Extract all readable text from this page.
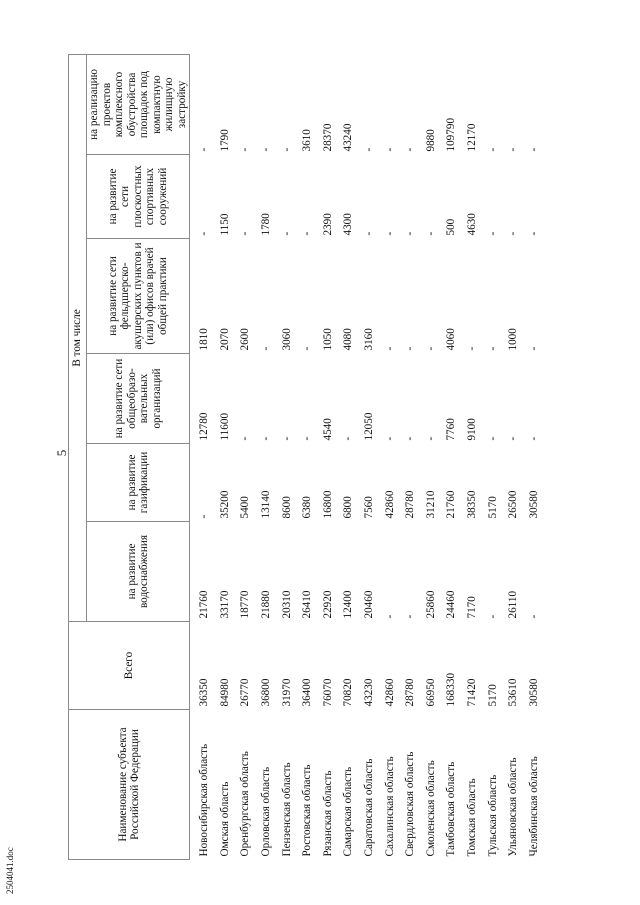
5
Наименование субъекта Российской Федерации	Всего	В том числе					
		на развитие водоснабжения	на развитие газификации	на развитие сети общеобразо-вательных организаций	на развитие сети фельдшерско-акушерских пунктов и (или) офисов врачей общей практики	на развитие сети плоскостных спортивных сооружений	на реализацию проектов комплексного обустройства площадок под компактную жилищную застройку
Новосибирская область	36350	21760	-	12780	1810	-	-
Омская область	84980	33170	35200	11600	2070	1150	1790
Оренбургская область	26770	18770	5400	-	2600	-	-
Орловская область	36800	21880	13140	-	-	1780	-
Пензенская область	31970	20310	8600	-	3060	-	-
Ростовская область	36400	26410	6380	-	-	-	3610
Рязанская область	76070	22920	16800	4540	1050	2390	28370
Самарская область	70820	12400	6800	-	4080	4300	43240
Саратовская область	43230	20460	7560	12050	3160	-	-
Сахалинская область	42860	-	42860	-	-	-	-
Свердловская область	28780	-	28780	-	-	-	-
Смоленская область	66950	25860	31210	-	-	-	9880
Тамбовская область	168330	24460	21760	7760	4060	500	109790
Томская область	71420	7170	38350	9100	-	4630	12170
Тульская область	5170	-	5170	-	-	-	-
Ульяновская область	53610	26110	26500	-	1000	-	-
Челябинская область	30580	-	30580	-	-	-	-
2504041.doc
